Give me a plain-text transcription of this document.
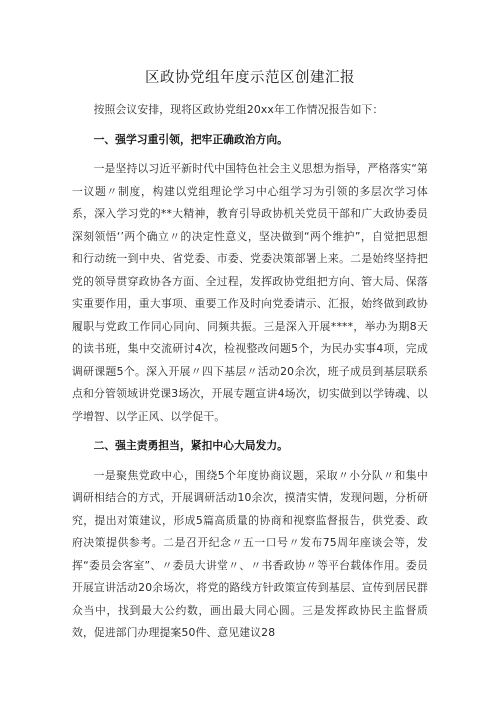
区政协党组年度示范区创建汇报

按照会议安排，现将区政协党组20xx年工作情况报告如下：

一、强学习重引领，把牢正确政治方向。

一是坚持以习近平新时代中国特色社会主义思想为指导，严格落实“第一议题〃制度，构建以党组理论学习中心组学习为引领的多层次学习体系，深入学习党的**大精神，教育引导政协机关党员干部和广大政协委员深刻领悟‘’两个确立〃的决定性意义，坚决做到“两个维护”，自觉把思想和行动统一到中央、省党委、市委、党委决策部署上来。二是始终坚持把党的领导贯穿政协各方面、全过程，发挥政协党组把方向、管大局、保落实重要作用，重大事项、重要工作及时向党委请示、汇报，始终做到政协履职与党政工作同心同向、同频共振。三是深入开展****，举办为期8天的读书班，集中交流研讨4次，检视整改问题5个，为民办实事4项，完成调研课题5个。深入开展〃四下基层〃活动20余次，班子成员到基层联系点和分管领域讲党课3场次，开展专题宣讲4场次，切实做到以学铸魂、以学增智、以学正风、以学促干。

二、强主责勇担当，紧扣中心大局发力。

一是聚焦党政中心，围绕5个年度协商议题，采取〃小分队〃和集中调研相结合的方式，开展调研活动10余次，摸清实情，发现问题，分析研究，提出对策建议，形成5篇高质量的协商和视察监督报告，供党委、政府决策提供参考。二是召开纪念〃五一口号〃发布75周年座谈会等，发挥“委员会客室”、〃委员大讲堂〃、〃书香政协〃等平台载体作用。委员开展宣讲活动20余场次，将党的路线方针政策宣传到基层、宣传到居民群众当中，找到最大公约数，画出最大同心圆。三是发挥政协民主监督质效，促进部门办理提案50件、意见建议28
